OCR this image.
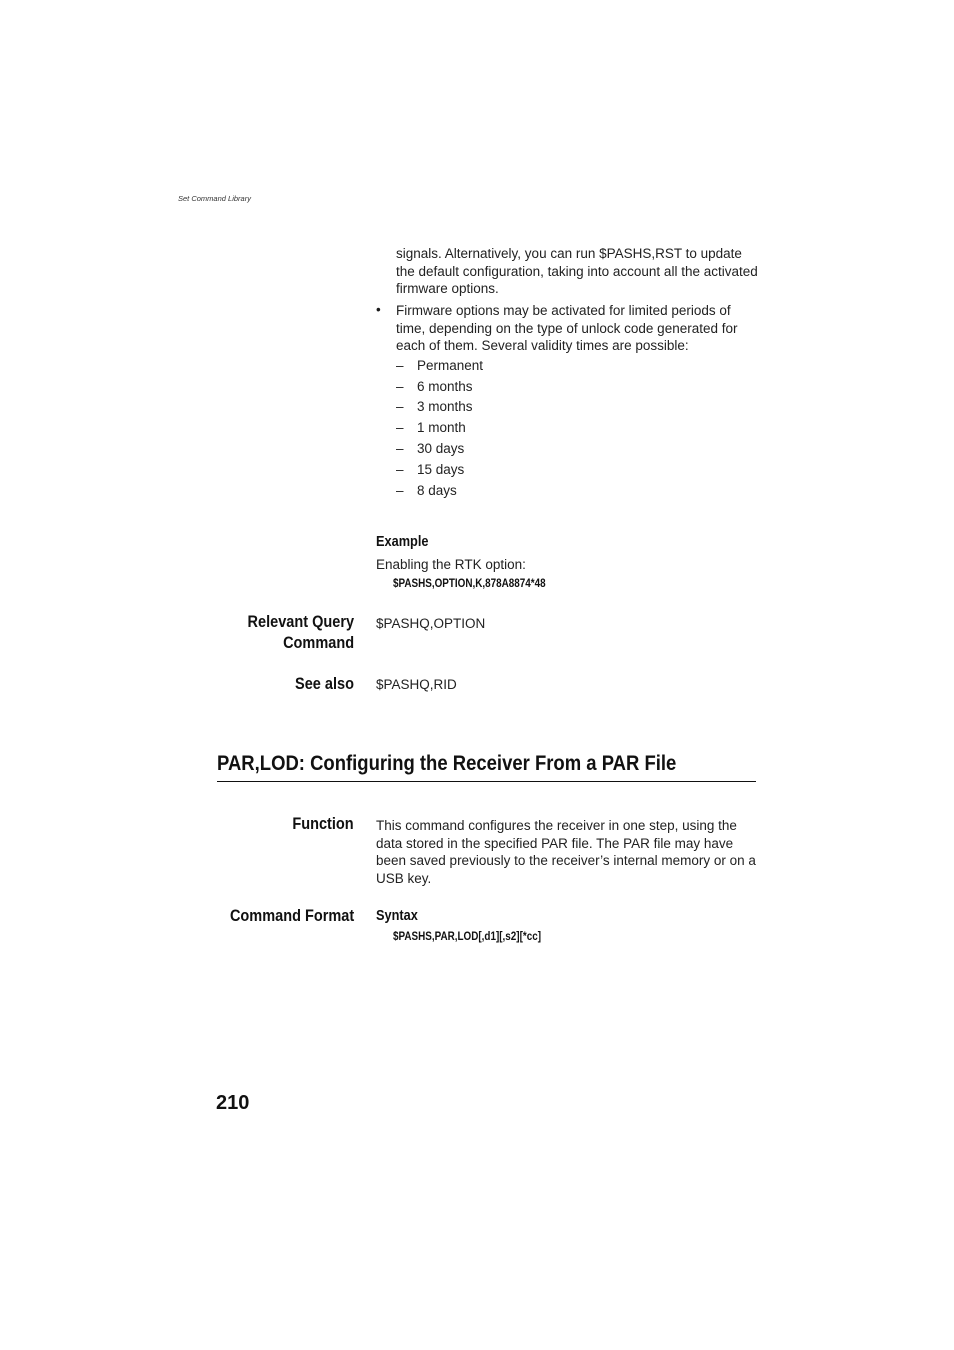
Set Command Library
signals. Alternatively, you can run $PASHS,RST to update the default configuration, taking into account all the activated firmware options.
• Firmware options may be activated for limited periods of time, depending on the type of unlock code generated for each of them. Several validity times are possible:
– Permanent
– 6 months
– 3 months
– 1 month
– 30 days
– 15 days
– 8 days
Example
Enabling the RTK option:
$PASHS,OPTION,K,878A8874*48
Relevant Query
Command
$PASHQ,OPTION
See also $PASHQ,RID
PAR,LOD: Configuring the Receiver From a PAR File
Function This command configures the receiver in one step, using the data stored in the specified PAR file. The PAR file may have been saved previously to the receiver’s internal memory or on a USB key.
Command Format Syntax
$PASHS,PAR,LOD[,d1][,s2][*cc]
210
